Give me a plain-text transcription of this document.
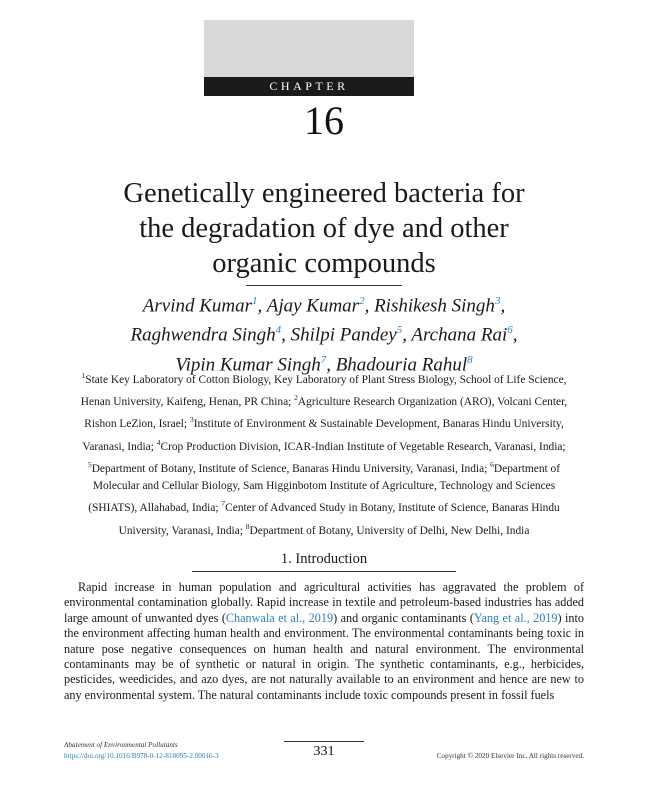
CHAPTER
16
Genetically engineered bacteria for
the degradation of dye and other
organic compounds
Arvind Kumar$^1$, Ajay Kumar$^2$, Rishikesh Singh$^3$,
Raghwendra Singh$^4$, Shilpi Pandey$^5$, Archana Rai$^6$,
Vipin Kumar Singh$^7$, Bhadouria Rahul$^8$
$^1$State Key Laboratory of Cotton Biology, Key Laboratory of Plant Stress Biology, School of Life Science, Henan University, Kaifeng, Henan, PR China; $^2$Agriculture Research Organization (ARO), Volcani Center, Rishon LeZion, Israel; $^3$Institute of Environment & Sustainable Development, Banaras Hindu University, Varanasi, India; $^4$Crop Production Division, ICAR-Indian Institute of Vegetable Research, Varanasi, India; $^5$Department of Botany, Institute of Science, Banaras Hindu University, Varanasi, India; $^6$Department of Molecular and Cellular Biology, Sam Higginbotom Institute of Agriculture, Technology and Sciences (SHIATS), Allahabad, India; $^7$Center of Advanced Study in Botany, Institute of Science, Banaras Hindu University, Varanasi, India; $^8$Department of Botany, University of Delhi, New Delhi, India
1. Introduction

Rapid increase in human population and agricultural activities has aggravated the problem of environmental contamination globally. Rapid increase in textile and petroleum-based industries has added large amount of unwanted dyes (Chanwala et al., 2019) and organic contaminants (Yang et al., 2019) into the environment affecting human health and environment. The environmental contaminants being toxic in nature pose negative consequences on human health and natural environment. The environmental contaminants may be of synthetic or natural in origin. The synthetic contaminants, e.g., herbicides, pesticides, weedicides, and azo dyes, are not naturally available to an environment and hence are new to any environmental system. The natural contaminants include toxic compounds present in fossil fuels

Abatement of Environmental Pollutants
https://doi.org/10.1016/B978-0-12-818095-2.00016-3	331	Copyright © 2020 Elsevier Inc. All rights reserved.
